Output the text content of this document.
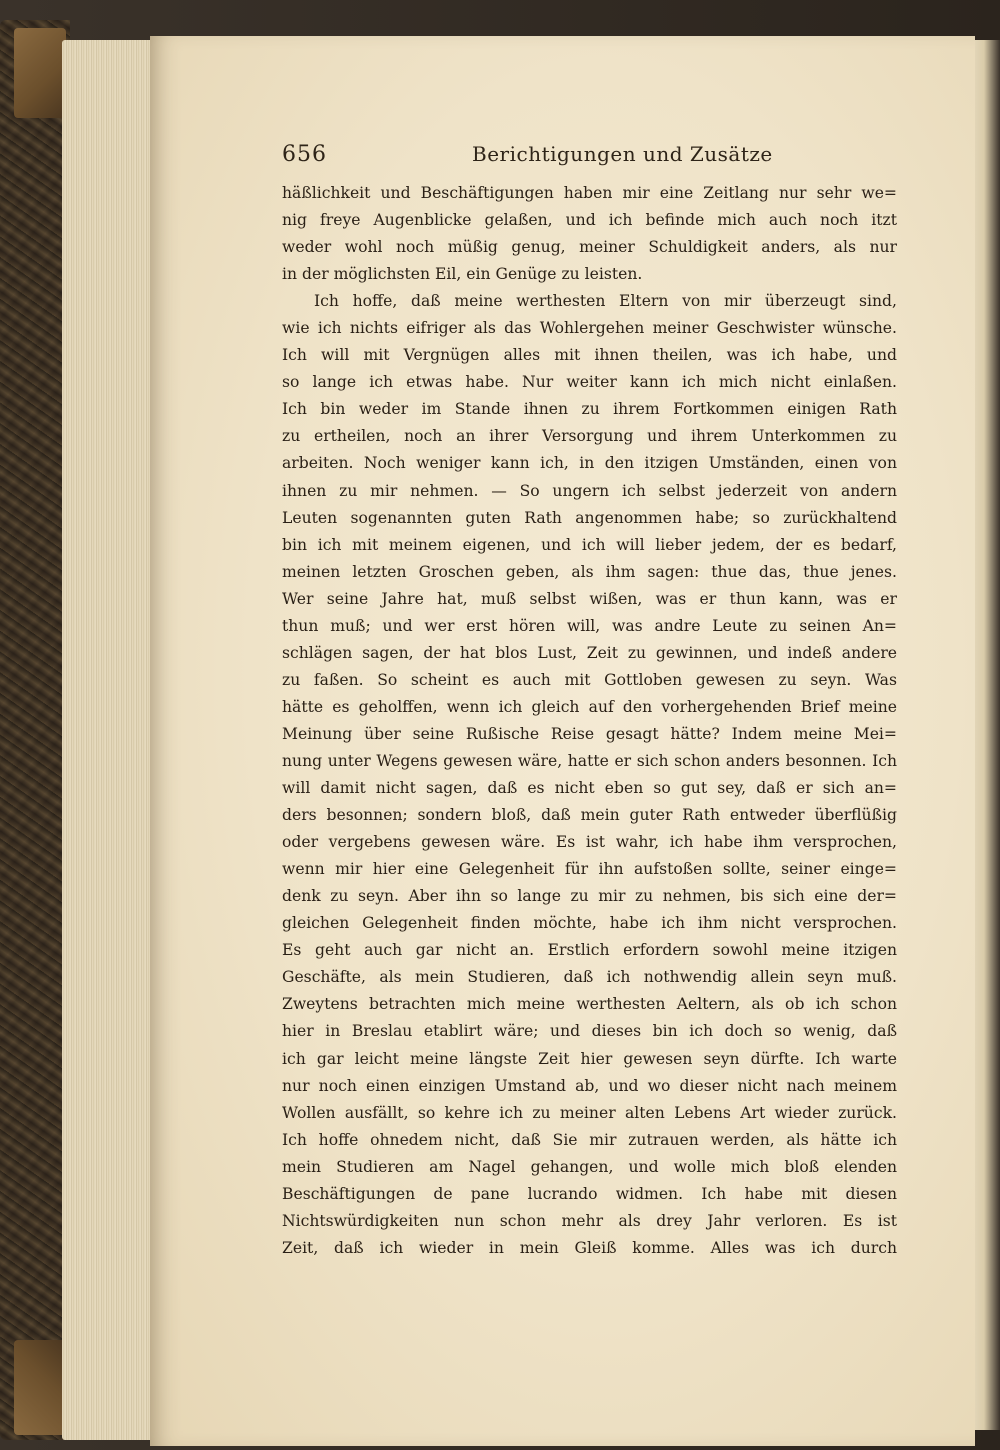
656	Berichtigungen und Zusätze
häßlichkeit und Beschäftigungen haben mir eine Zeitlang nur sehr we=
nig freye Augenblicke gelaßen, und ich befinde mich auch noch itzt
weder wohl noch müßig genug, meiner Schuldigkeit anders, als nur
in der möglichsten Eil, ein Genüge zu leisten.
Ich hoffe, daß meine werthesten Eltern von mir überzeugt sind,
wie ich nichts eifriger als das Wohlergehen meiner Geschwister wünsche.
Ich will mit Vergnügen alles mit ihnen theilen, was ich habe, und
so lange ich etwas habe. Nur weiter kann ich mich nicht einlaßen.
Ich bin weder im Stande ihnen zu ihrem Fortkommen einigen Rath
zu ertheilen, noch an ihrer Versorgung und ihrem Unterkommen zu
arbeiten. Noch weniger kann ich, in den itzigen Umständen, einen von
ihnen zu mir nehmen. — So ungern ich selbst jederzeit von andern
Leuten sogenannten guten Rath angenommen habe; so zurückhaltend
bin ich mit meinem eigenen, und ich will lieber jedem, der es bedarf,
meinen letzten Groschen geben, als ihm sagen: thue das, thue jenes.
Wer seine Jahre hat, muß selbst wißen, was er thun kann, was er
thun muß; und wer erst hören will, was andre Leute zu seinen An=
schlägen sagen, der hat blos Lust, Zeit zu gewinnen, und indeß andere
zu faßen. So scheint es auch mit Gottloben gewesen zu seyn. Was
hätte es geholffen, wenn ich gleich auf den vorhergehenden Brief meine
Meinung über seine Rußische Reise gesagt hätte? Indem meine Mei=
nung unter Wegens gewesen wäre, hatte er sich schon anders besonnen. Ich
will damit nicht sagen, daß es nicht eben so gut sey, daß er sich an=
ders besonnen; sondern bloß, daß mein guter Rath entweder überflüßig
oder vergebens gewesen wäre. Es ist wahr, ich habe ihm versprochen,
wenn mir hier eine Gelegenheit für ihn aufstoßen sollte, seiner einge=
denk zu seyn. Aber ihn so lange zu mir zu nehmen, bis sich eine der=
gleichen Gelegenheit finden möchte, habe ich ihm nicht versprochen.
Es geht auch gar nicht an. Erstlich erfordern sowohl meine itzigen
Geschäfte, als mein Studieren, daß ich nothwendig allein seyn muß.
Zweytens betrachten mich meine werthesten Aeltern, als ob ich schon
hier in Breslau etablirt wäre; und dieses bin ich doch so wenig, daß
ich gar leicht meine längste Zeit hier gewesen seyn dürfte. Ich warte
nur noch einen einzigen Umstand ab, und wo dieser nicht nach meinem
Wollen ausfällt, so kehre ich zu meiner alten Lebens Art wieder zurück.
Ich hoffe ohnedem nicht, daß Sie mir zutrauen werden, als hätte ich
mein Studieren am Nagel gehangen, und wolle mich bloß elenden
Beschäftigungen de pane lucrando widmen. Ich habe mit diesen
Nichtswürdigkeiten nun schon mehr als drey Jahr verloren. Es ist
Zeit, daß ich wieder in mein Gleiß komme. Alles was ich durch
